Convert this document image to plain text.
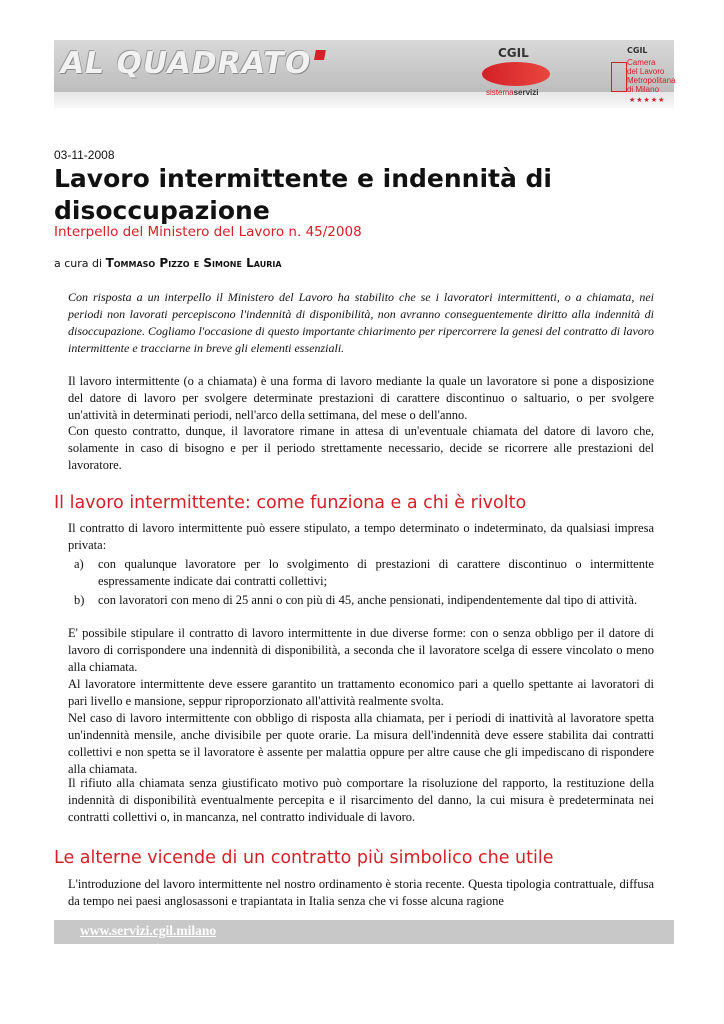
AL QUADRATO	CGIL
sistemaservizi
CGIL
Camera
del Lavoro
Metropolitana
di Milano
★★★★★
03-11-2008
Lavoro intermittente e indennità di disoccupazione
Interpello del Ministero del Lavoro n. 45/2008
a cura di Tommaso Pizzo e Simone Lauria

Con risposta a un interpello il Ministero del Lavoro ha stabilito che se i lavoratori intermittenti, o a chiamata, nei periodi non lavorati percepiscono l'indennità di disponibilità, non avranno conseguentemente diritto alla indennità di disoccupazione. Cogliamo l'occasione di questo importante chiarimento per ripercorrere la genesi del contratto di lavoro intermittente e tracciarne in breve gli elementi essenziali.

Il lavoro intermittente (o a chiamata) è una forma di lavoro mediante la quale un lavoratore si pone a disposizione del datore di lavoro per svolgere determinate prestazioni di carattere discontinuo o saltuario, o per svolgere un'attività in determinati periodi, nell'arco della settimana, del mese o dell'anno.

Con questo contratto, dunque, il lavoratore rimane in attesa di un'eventuale chiamata del datore di lavoro che, solamente in caso di bisogno e per il periodo strettamente necessario, decide se ricorrere alle prestazioni del lavoratore.

Il lavoro intermittente: come funziona e a chi è rivolto

Il contratto di lavoro intermittente può essere stipulato, a tempo determinato o indeterminato, da qualsiasi impresa privata:

a) con qualunque lavoratore per lo svolgimento di prestazioni di carattere discontinuo o intermittente espressamente indicate dai contratti collettivi;
b) con lavoratori con meno di 25 anni o con più di 45, anche pensionati, indipendentemente dal tipo di attività.

E' possibile stipulare il contratto di lavoro intermittente in due diverse forme: con o senza obbligo per il datore di lavoro di corrispondere una indennità di disponibilità, a seconda che il lavoratore scelga di essere vincolato o meno alla chiamata.

Al lavoratore intermittente deve essere garantito un trattamento economico pari a quello spettante ai lavoratori di pari livello e mansione, seppur riproporzionato all'attività realmente svolta.

Nel caso di lavoro intermittente con obbligo di risposta alla chiamata, per i periodi di inattività al lavoratore spetta un'indennità mensile, anche divisibile per quote orarie. La misura dell'indennità deve essere stabilita dai contratti collettivi e non spetta se il lavoratore è assente per malattia oppure per altre cause che gli impediscano di rispondere alla chiamata.

Il rifiuto alla chiamata senza giustificato motivo può comportare la risoluzione del rapporto, la restituzione della indennità di disponibilità eventualmente percepita e il risarcimento del danno, la cui misura è predeterminata nei contratti collettivi o, in mancanza, nel contratto individuale di lavoro.

Le alterne vicende di un contratto più simbolico che utile

L'introduzione del lavoro intermittente nel nostro ordinamento è storia recente. Questa tipologia contrattuale, diffusa da tempo nei paesi anglosassoni e trapiantata in Italia senza che vi fosse alcuna ragione

www.servizi.cgil.milano
